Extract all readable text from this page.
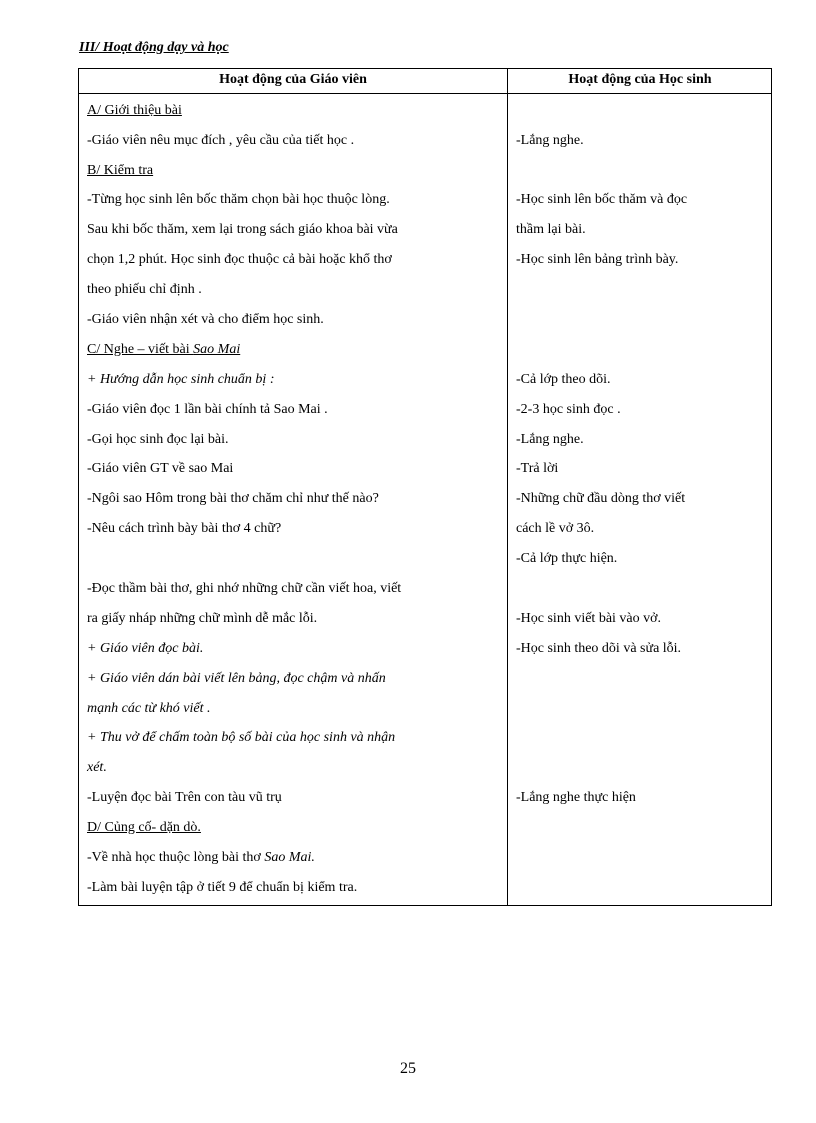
III/ Hoạt động dạy và học
Hoạt động của Giáo viên	Hoạt động của Học sinh
A/ Giới thiệu bài
-Giáo viên nêu mục đích , yêu cầu của tiết học .
B/ Kiểm tra
-Từng học sinh lên bốc thăm chọn bài học thuộc lòng.
Sau khi bốc thăm, xem lại trong sách giáo khoa bài vừa
chọn 1,2 phút. Học sinh đọc thuộc cả bài hoặc khổ thơ
theo phiếu chỉ định .
-Giáo viên nhận xét và cho điểm học sinh.
C/ Nghe – viết bài Sao Mai
+ Hướng dẫn học sinh chuẩn bị :
-Giáo viên đọc 1 lần bài chính tả Sao Mai .
-Gọi học sinh đọc lại bài.
-Giáo viên GT về sao Mai
-Ngôi sao Hôm trong bài thơ chăm chỉ như thế nào?
-Nêu cách trình bày bài thơ 4 chữ?
-Đọc thầm bài thơ, ghi nhớ những chữ cần viết hoa, viết
ra giấy nháp những chữ mình dễ mắc lỗi.
+ Giáo viên đọc bài.
+ Giáo viên dán bài viết lên bảng, đọc chậm và nhấn
mạnh các từ khó viết .
+ Thu vở để chấm toàn bộ số bài của học sinh và nhận
xét.
-Luyện đọc bài Trên con tàu vũ trụ
D/ Củng cố- dặn dò.
-Về nhà học thuộc lòng bài thơ Sao Mai.
-Làm bài luyện tập ở tiết 9 để chuẩn bị kiểm tra.
-Lắng nghe.
-Học sinh lên bốc thăm và đọc
thầm lại bài.
-Học sinh lên bảng trình bày.
-Cả lớp theo dõi.
-2-3 học sinh đọc .
-Lắng nghe.
-Trả lời
-Những chữ đầu dòng thơ viết
cách lề vở 3ô.
-Cả lớp thực hiện.
-Học sinh viết bài vào vở.
-Học sinh theo dõi và sửa lỗi.
-Lắng nghe thực hiện
25
